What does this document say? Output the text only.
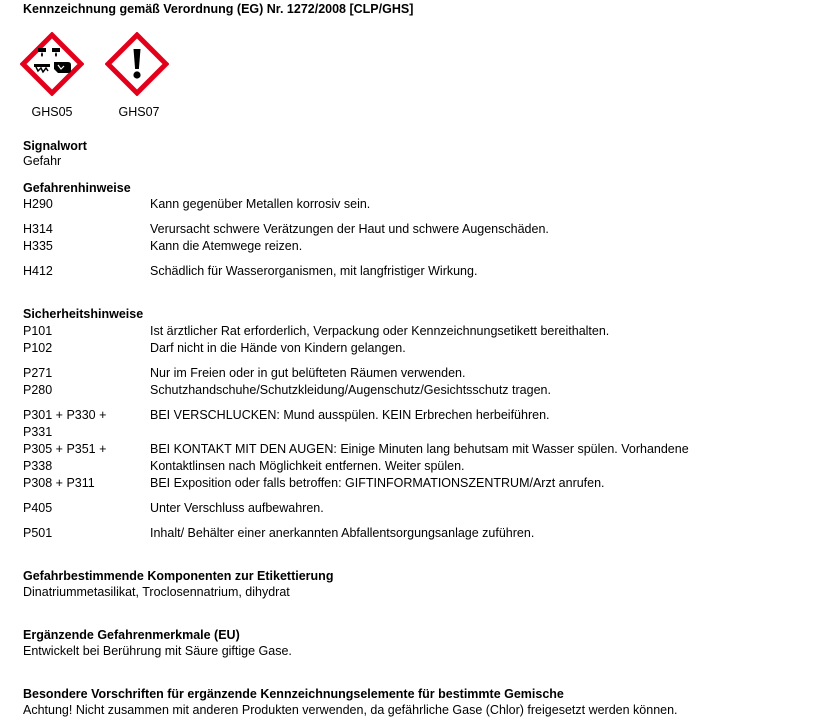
Kennzeichnung gemäß Verordnung (EG) Nr. 1272/2008 [CLP/GHS]
GHS05	GHS07
Signalwort
Gefahr
Gefahrenhinweise
H290	Kann gegenüber Metallen korrosiv sein.
H314	Verursacht schwere Verätzungen der Haut und schwere Augenschäden.
H335	Kann die Atemwege reizen.
H412	Schädlich für Wasserorganismen, mit langfristiger Wirkung.
Sicherheitshinweise
P101	Ist ärztlicher Rat erforderlich, Verpackung oder Kennzeichnungsetikett bereithalten.
P102	Darf nicht in die Hände von Kindern gelangen.
P271	Nur im Freien oder in gut belüfteten Räumen verwenden.
P280	Schutzhandschuhe/Schutzkleidung/Augenschutz/Gesichtsschutz tragen.
P301 + P330 +	BEI VERSCHLUCKEN: Mund ausspülen. KEIN Erbrechen herbeiführen.
P331
P305 + P351 +	BEI KONTAKT MIT DEN AUGEN: Einige Minuten lang behutsam mit Wasser spülen. Vorhandene
P338	Kontaktlinsen nach Möglichkeit entfernen. Weiter spülen.
P308 + P311	BEI Exposition oder falls betroffen: GIFTINFORMATIONSZENTRUM/Arzt anrufen.
P405	Unter Verschluss aufbewahren.
P501	Inhalt/ Behälter einer anerkannten Abfallentsorgungsanlage zuführen.
Gefahrbestimmende Komponenten zur Etikettierung
Dinatriummetasilikat, Troclosennatrium, dihydrat
Ergänzende Gefahrenmerkmale (EU)
Entwickelt bei Berührung mit Säure giftige Gase.
Besondere Vorschriften für ergänzende Kennzeichnungselemente für bestimmte Gemische
Achtung! Nicht zusammen mit anderen Produkten verwenden, da gefährliche Gase (Chlor) freigesetzt werden können.
